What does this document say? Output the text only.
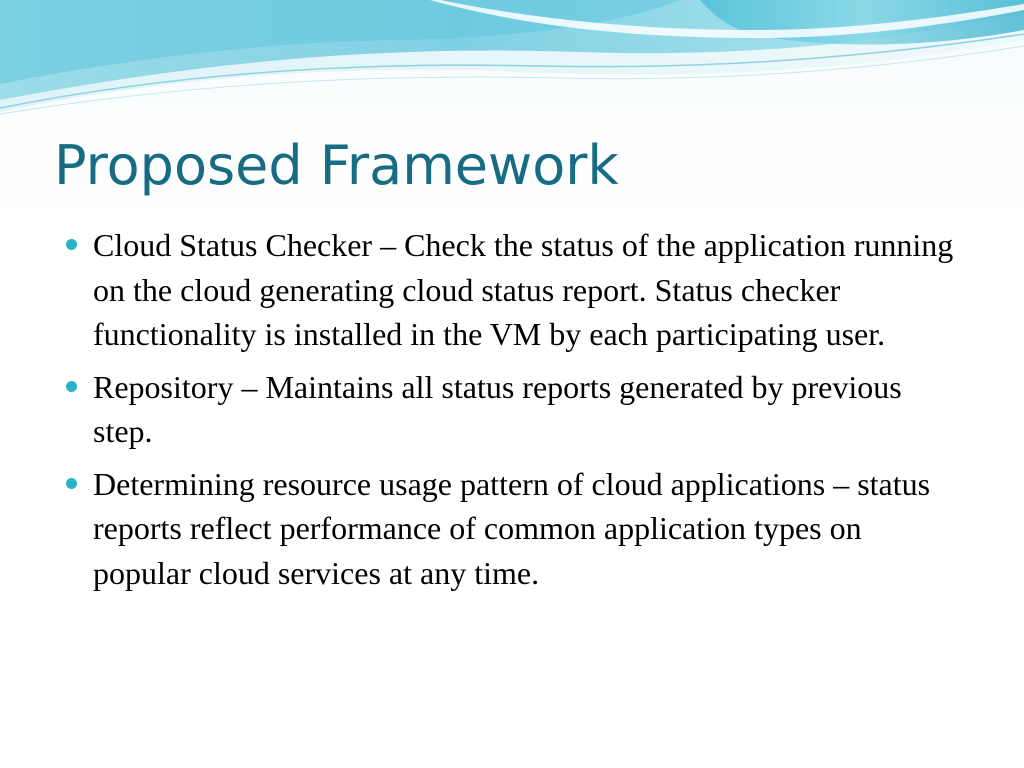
Proposed Framework
Cloud Status Checker – Check the status of the application running on the cloud generating cloud status report. Status checker functionality is installed in the VM by each participating user.
Repository – Maintains all status reports generated by previous step.
Determining resource usage pattern of cloud applications – status reports reflect performance of common application types on popular cloud services at any time.
